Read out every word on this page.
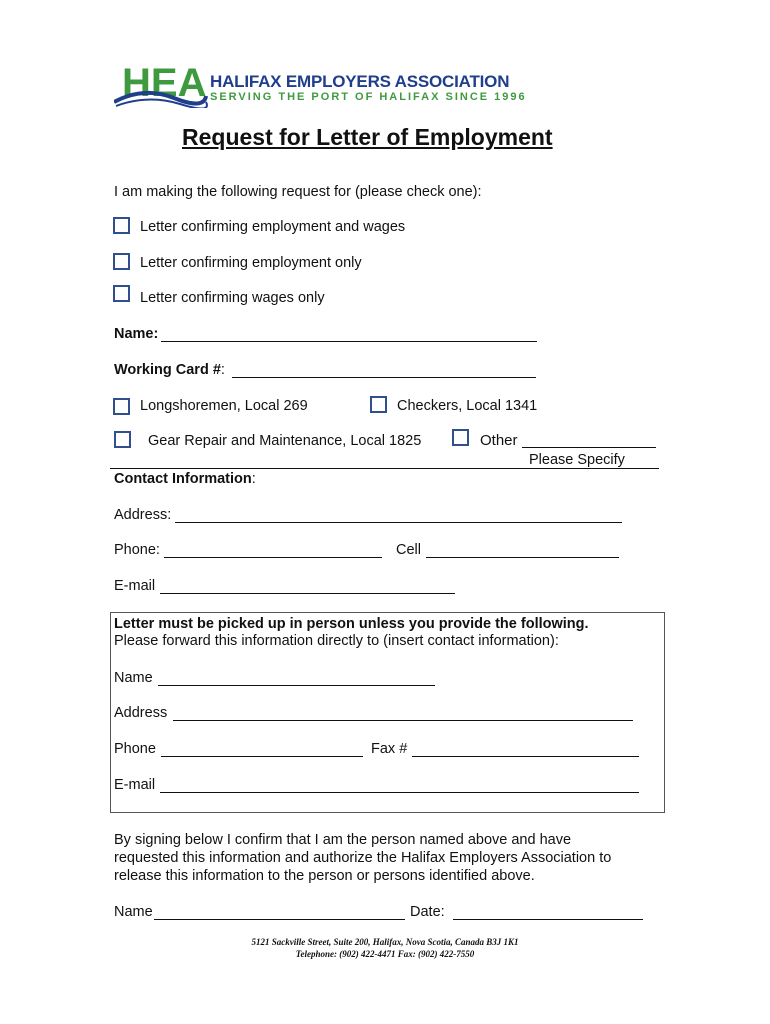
HEA HALIFAX EMPLOYERS ASSOCIATION
SERVING THE PORT OF HALIFAX SINCE 1996
Request for Letter of Employment
I am making the following request for (please check one):
Letter confirming employment and wages
Letter confirming employment only
Letter confirming wages only
Name:
Working Card #:
Longshoremen, Local 269	Checkers, Local 1341
Gear Repair and Maintenance, Local 1825	Other
Please Specify
Contact Information:
Address:
Phone:	Cell
E-mail
Letter must be picked up in person unless you provide the following.
Please forward this information directly to (insert contact information):
Name
Address
Phone	Fax #
E-mail
By signing below I confirm that I am the person named above and have
requested this information and authorize the Halifax Employers Association to
release this information to the person or persons identified above.
Name	Date:
5121 Sackville Street, Suite 200, Halifax, Nova Scotia, Canada B3J 1K1
Telephone: (902) 422-4471 Fax: (902) 422-7550
